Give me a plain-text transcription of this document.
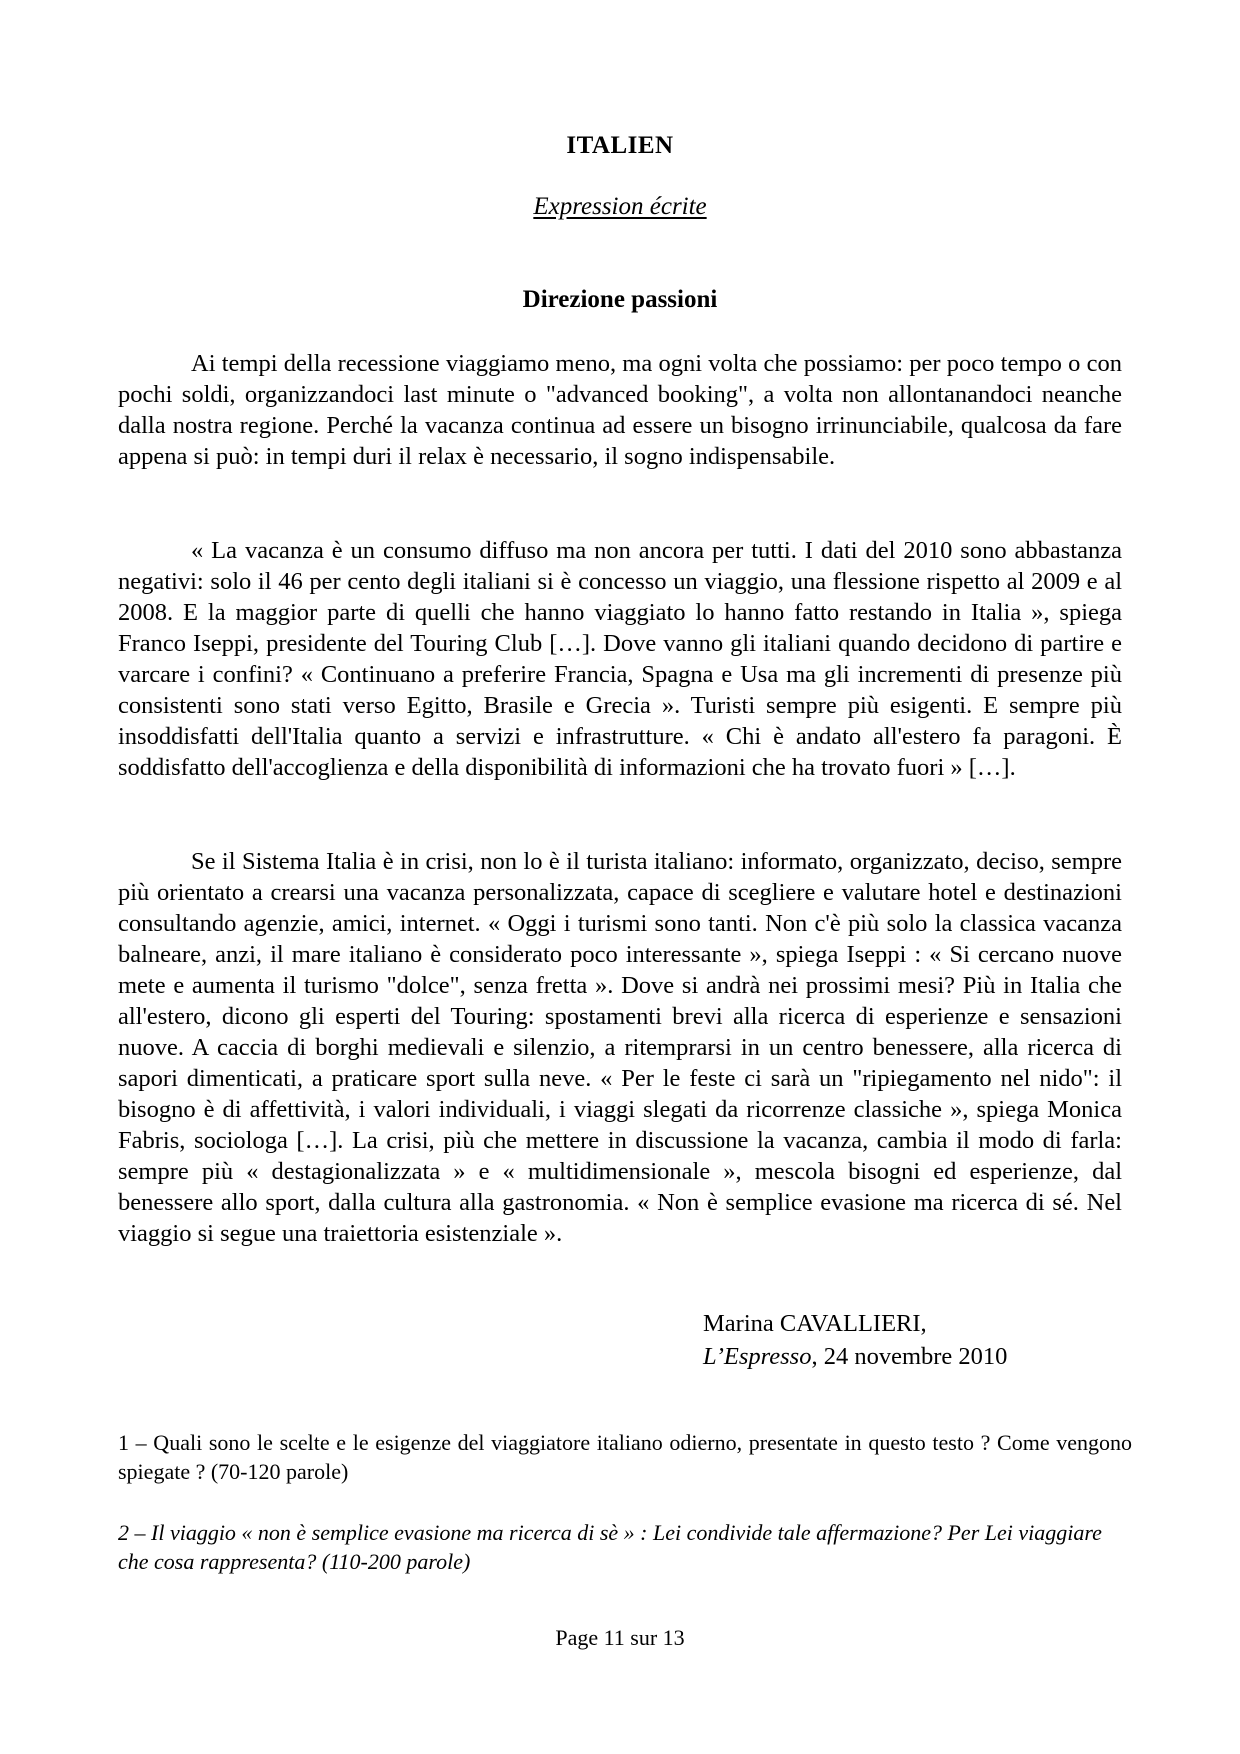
ITALIEN
Expression écrite
Direzione passioni

Ai tempi della recessione viaggiamo meno, ma ogni volta che possiamo: per poco tempo o con pochi soldi, organizzandoci last minute o "advanced booking", a volta non allontanandoci neanche dalla nostra regione. Perché la vacanza continua ad essere un bisogno irrinunciabile, qualcosa da fare appena si può: in tempi duri il relax è necessario, il sogno indispensabile.

« La vacanza è un consumo diffuso ma non ancora per tutti. I dati del 2010 sono abbastanza negativi: solo il 46 per cento degli italiani si è concesso un viaggio, una flessione rispetto al 2009 e al 2008. E la maggior parte di quelli che hanno viaggiato lo hanno fatto restando in Italia », spiega Franco Iseppi, presidente del Touring Club […]. Dove vanno gli italiani quando decidono di partire e varcare i confini? « Continuano a preferire Francia, Spagna e Usa ma gli incrementi di presenze più consistenti sono stati verso Egitto, Brasile e Grecia ». Turisti sempre più esigenti. E sempre più insoddisfatti dell'Italia quanto a servizi e infrastrutture. « Chi è andato all'estero fa paragoni. È soddisfatto dell'accoglienza e della disponibilità di informazioni che ha trovato fuori » […].

Se il Sistema Italia è in crisi, non lo è il turista italiano: informato, organizzato, deciso, sempre più orientato a crearsi una vacanza personalizzata, capace di scegliere e valutare hotel e destinazioni consultando agenzie, amici, internet. « Oggi i turismi sono tanti. Non c'è più solo la classica vacanza balneare, anzi, il mare italiano è considerato poco interessante », spiega Iseppi : « Si cercano nuove mete e aumenta il turismo "dolce", senza fretta ». Dove si andrà nei prossimi mesi? Più in Italia che all'estero, dicono gli esperti del Touring: spostamenti brevi alla ricerca di esperienze e sensazioni nuove. A caccia di borghi medievali e silenzio, a ritemprarsi in un centro benessere, alla ricerca di sapori dimenticati, a praticare sport sulla neve. « Per le feste ci sarà un "ripiegamento nel nido": il bisogno è di affettività, i valori individuali, i viaggi slegati da ricorrenze classiche », spiega Monica Fabris, sociologa […]. La crisi, più che mettere in discussione la vacanza, cambia il modo di farla: sempre più « destagionalizzata » e « multidimensionale », mescola bisogni ed esperienze, dal benessere allo sport, dalla cultura alla gastronomia. « Non è semplice evasione ma ricerca di sé. Nel viaggio si segue una traiettoria esistenziale ».

Marina CAVALLIERI,
L’Espresso, 24 novembre 2010
1 – Quali sono le scelte e le esigenze del viaggiatore italiano odierno, presentate in questo testo ? Come vengono spiegate ? (70-120 parole)
2 – Il viaggio « non è semplice evasione ma ricerca di sè » : Lei condivide tale affermazione? Per Lei viaggiare che cosa rappresenta? (110-200 parole)
Page 11 sur 13
